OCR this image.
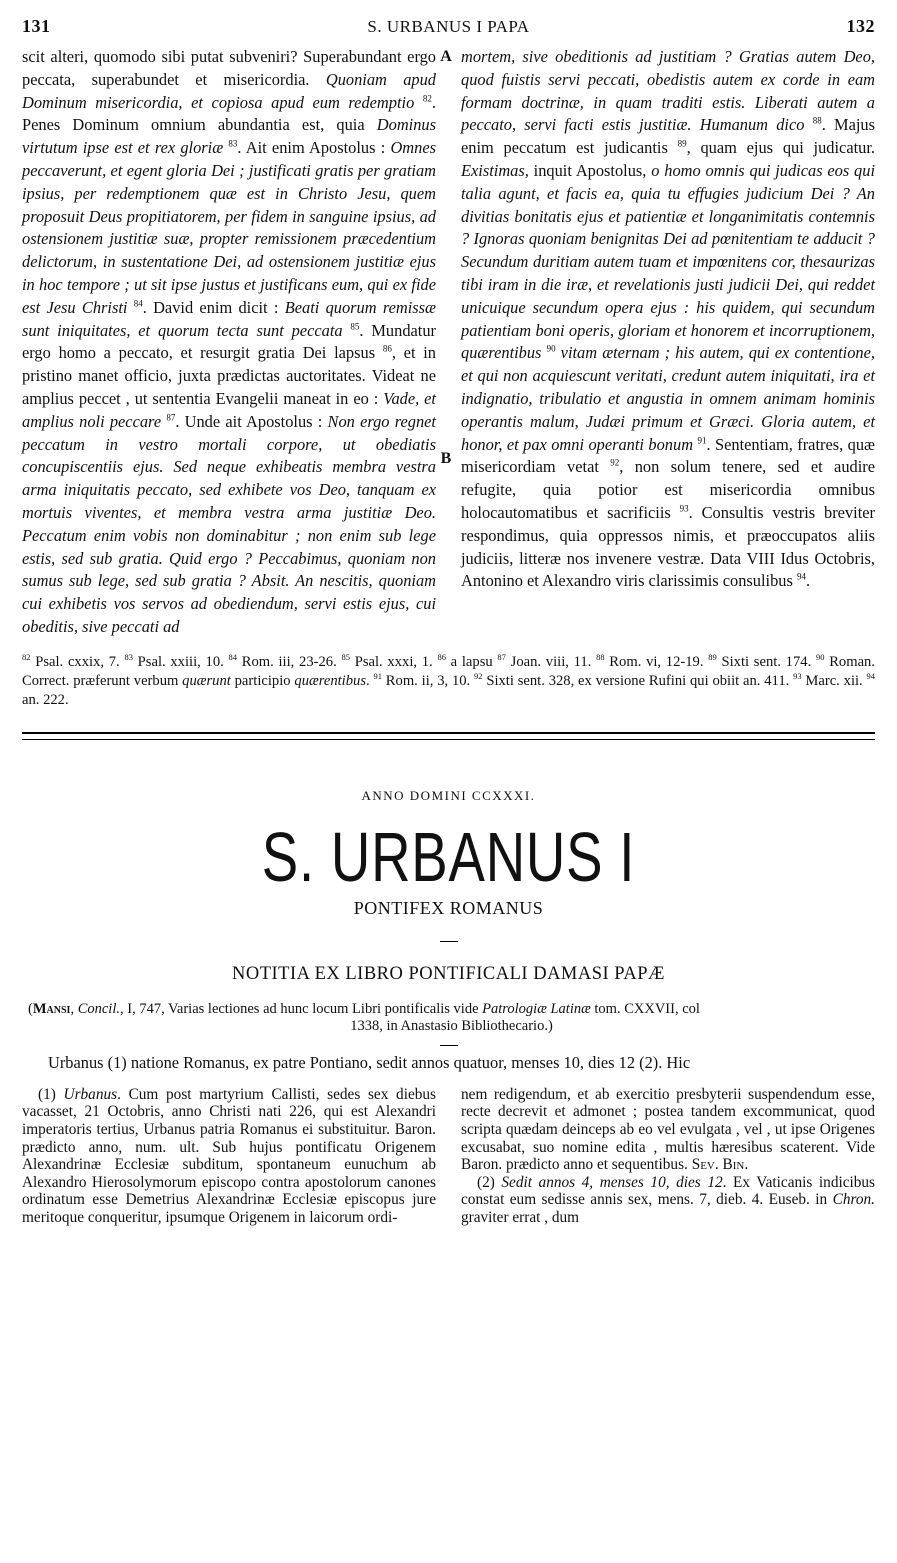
131	S. URBANUS I PAPA	132

scit alteri, quomodo sibi putat subveniri? Superabundant ergo peccata, superabundet et misericordia. Quoniam apud Dominum misericordia, et copiosa apud eum redemptio $^{82}$. Penes Dominum omnium abundantia est, quia Dominus virtutum ipse est et rex gloriæ $^{83}$. Ait enim Apostolus : Omnes peccaverunt, et egent gloria Dei ; justificati gratis per gratiam ipsius, per redemptionem quæ est in Christo Jesu, quem proposuit Deus propitiatorem, per fidem in sanguine ipsius, ad ostensionem justitiæ suæ, propter remissionem præcedentium delictorum, in sustentatione Dei, ad ostensionem justitiæ ejus in hoc tempore ; ut sit ipse justus et justificans eum, qui ex fide est Jesu Christi $^{84}$. David enim dicit : Beati quorum remissæ sunt iniquitates, et quorum tecta sunt peccata $^{85}$. Mundatur ergo homo a peccato, et resurgit gratia Dei lapsus $^{86}$, et in pristino manet officio, juxta prædictas auctoritates. Videat ne amplius peccet , ut sententia Evangelii maneat in eo : Vade, et amplius noli peccare $^{87}$. Unde ait Apostolus : Non ergo regnet peccatum in vestro mortali corpore, ut obediatis concupiscentiis ejus. Sed neque exhibeatis membra vestra arma iniquitatis peccato, sed exhibete vos Deo, tanquam ex mortuis viventes, et membra vestra arma justitiæ Deo. Peccatum enim vobis non dominabitur ; non enim sub lege estis, sed sub gratia. Quid ergo ? Peccabimus, quoniam non sumus sub lege, sed sub gratia ? Absit. An nescitis, quoniam cui exhibetis vos servos ad obediendum, servi estis ejus, cui obeditis, sive peccati ad

A
B

mortem, sive obeditionis ad justitiam ? Gratias autem Deo, quod fuistis servi peccati, obedistis autem ex corde in eam formam doctrinæ, in quam traditi estis. Liberati autem a peccato, servi facti estis justitiæ. Humanum dico $^{88}$. Majus enim peccatum est judicantis $^{89}$, quam ejus qui judicatur. Existimas, inquit Apostolus, o homo omnis qui judicas eos qui talia agunt, et facis ea, quia tu effugies judicium Dei ? An divitias bonitatis ejus et patientiæ et longanimitatis contemnis ? Ignoras quoniam benignitas Dei ad pœnitentiam te adducit ? Secundum duritiam autem tuam et impœnitens cor, thesaurizas tibi iram in die iræ, et revelationis justi judicii Dei, qui reddet unicuique secundum opera ejus : his quidem, qui secundum patientiam boni operis, gloriam et honorem et incorruptionem, quærentibus $^{90}$ vitam æternam ; his autem, qui ex contentione, et qui non acquiescunt veritati, credunt autem iniquitati, ira et indignatio, tribulatio et angustia in omnem animam hominis operantis malum, Judæi primum et Græci. Gloria autem, et honor, et pax omni operanti bonum $^{91}$. Sententiam, fratres, quæ misericordiam vetat $^{92}$, non solum tenere, sed et audire refugite, quia potior est misericordia omnibus holocautomatibus et sacrificiis $^{93}$. Consultis vestris breviter respondimus, quia oppressos nimis, et præoccupatos aliis judiciis, litteræ nos invenere vestræ. Data VIII Idus Octobris, Antonino et Alexandro viris clarissimis consulibus $^{94}$.

$^{82}$ Psal. cxxix, 7. $^{83}$ Psal. xxiii, 10. $^{84}$ Rom. iii, 23-26. $^{85}$ Psal. xxxi, 1. $^{86}$ a lapsu $^{87}$ Joan. viii, 11. $^{88}$ Rom. vi, 12-19. $^{89}$ Sixti sent. 174. $^{90}$ Roman. Correct. præferunt verbum quærunt participio quærentibus. $^{91}$ Rom. ii, 3, 10. $^{92}$ Sixti sent. 328, ex versione Rufini qui obiit an. 411. $^{93}$ Marc. xii. $^{94}$ an. 222.
ANNO DOMINI CCXXXI.
S. URBANUS I
PONTIFEX ROMANUS
NOTITIA EX LIBRO PONTIFICALI DAMASI PAPÆ
(Mansi, Concil., I, 747, Varias lectiones ad hunc locum Libri pontificalis vide Patrologiæ Latinæ tom. CXXVII, col
1338, in Anastasio Bibliothecario.)
Urbanus (1) natione Romanus, ex patre Pontiano, sedit annos quatuor, menses 10, dies 12 (2). Hic

(1) Urbanus. Cum post martyrium Callisti, sedes sex diebus vacasset, 21 Octobris, anno Christi nati 226, qui est Alexandri imperatoris tertius, Urbanus patria Romanus ei substituitur. Baron. prædicto anno, num. ult. Sub hujus pontificatu Origenem Alexandrinæ Ecclesiæ subditum, spontaneum eunuchum ab Alexandro Hierosolymorum episcopo contra apostolorum canones ordinatum esse Demetrius Alexandrinæ Ecclesiæ episcopus jure meritoque conqueritur, ipsumque Origenem in laicorum ordi-

nem redigendum, et ab exercitio presbyterii suspendendum esse, recte decrevit et admonet ; postea tandem excommunicat, quod scripta quædam deinceps ab eo vel evulgata , vel , ut ipse Origenes excusabat, suo nomine edita , multis hæresibus scaterent. Vide Baron. prædicto anno et sequentibus. Sev. Bin.

(2) Sedit annos 4, menses 10, dies 12. Ex Vaticanis indicibus constat eum sedisse annis sex, mens. 7, dieb. 4. Euseb. in Chron. graviter errat , dum
